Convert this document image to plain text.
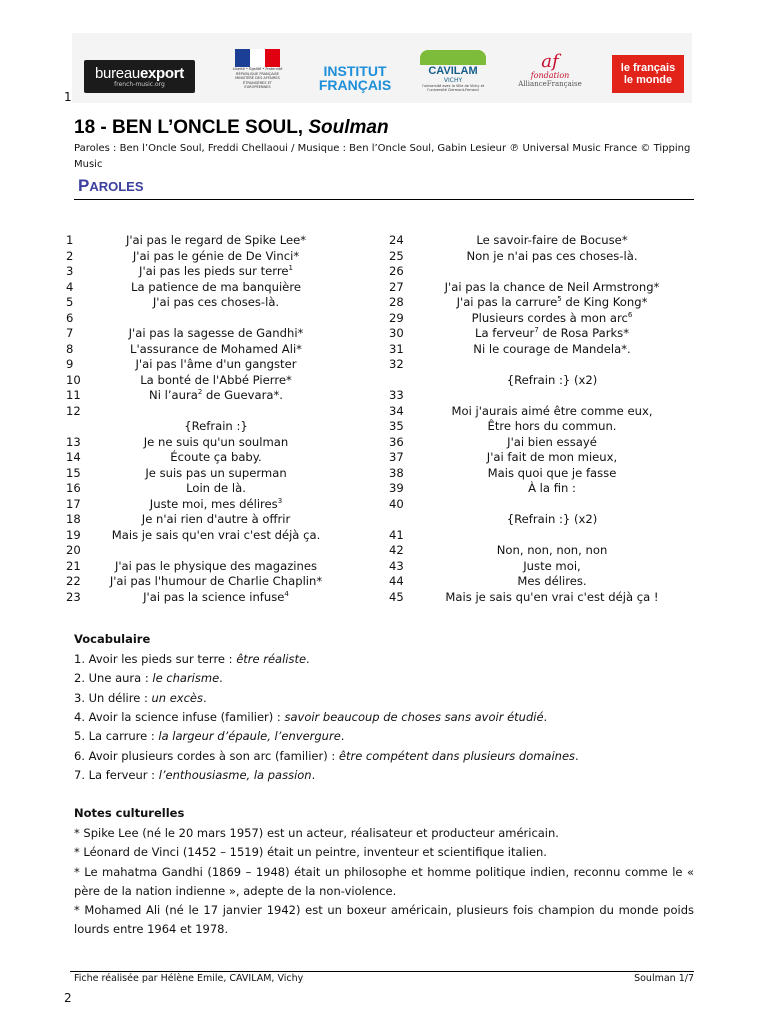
1
bureauexport
french-music.org
Liberté • Égalité • Fraternité
RÉPUBLIQUE FRANÇAISE
MINISTÈRE DES AFFAIRES ÉTRANGÈRES ET EUROPÉENNES
INSTITUT
FRANÇAIS
CAVILAM
VICHY
l'université avec la Ville de Vichy et l'université Clermont-Ferrand
af
fondation
AllianceFrançaise
le français
le monde
18 - BEN L’ONCLE SOUL, Soulman
Paroles : Ben l’Oncle Soul, Freddi Chellaoui / Musique : Ben l’Oncle Soul, Gabin Lesieur ℗ Universal Music France © Tipping Music
PAROLES
1	J'ai pas le regard de Spike Lee*
2	J'ai pas le génie de De Vinci*
3	J'ai pas les pieds sur terre$^1$
4	La patience de ma banquière
5	J'ai pas ces choses-là.
6
7	J'ai pas la sagesse de Gandhi*
8	L'assurance de Mohamed Ali*
9	J'ai pas l'âme d'un gangster
10	La bonté de l'Abbé Pierre*
11	Ni l’aura$^2$ de Guevara*.
12
{Refrain :}
13	Je ne suis qu'un soulman
14	Écoute ça baby.
15	Je suis pas un superman
16	Loin de là.
17	Juste moi, mes délires$^3$
18	Je n'ai rien d'autre à offrir
19	Mais je sais qu'en vrai c'est déjà ça.
20
21	J'ai pas le physique des magazines
22	J'ai pas l'humour de Charlie Chaplin*
23	J'ai pas la science infuse$^4$
24	Le savoir-faire de Bocuse*
25	Non je n'ai pas ces choses-là.
26
27	J'ai pas la chance de Neil Armstrong*
28	J'ai pas la carrure$^5$ de King Kong*
29	Plusieurs cordes à mon arc$^6$
30	La ferveur$^7$ de Rosa Parks*
31	Ni le courage de Mandela*.
32
{Refrain :} (x2)
33
34	Moi j'aurais aimé être comme eux,
35	Être hors du commun.
36	J'ai bien essayé
37	J'ai fait de mon mieux,
38	Mais quoi que je fasse
39	À la fin :
40
{Refrain :} (x2)
41
42	Non, non, non, non
43	Juste moi,
44	Mes délires.
45	Mais je sais qu'en vrai c'est déjà ça !
Vocabulaire
1. Avoir les pieds sur terre : être réaliste.
2. Une aura : le charisme.
3. Un délire : un excès.
4. Avoir la science infuse (familier) : savoir beaucoup de choses sans avoir étudié.
5. La carrure : la largeur d’épaule, l’envergure.
6. Avoir plusieurs cordes à son arc (familier) : être compétent dans plusieurs domaines.
7. La ferveur : l’enthousiasme, la passion.
Notes culturelles

* Spike Lee (né le 20 mars 1957) est un acteur, réalisateur et producteur américain.

* Léonard de Vinci (1452 – 1519) était un peintre, inventeur et scientifique italien.

* Le mahatma Gandhi (1869 – 1948) était un philosophe et homme politique indien, reconnu comme le « père de la nation indienne », adepte de la non-violence.

* Mohamed Ali (né le 17 janvier 1942) est un boxeur américain, plusieurs fois champion du monde poids lourds entre 1964 et 1978.

Fiche réalisée par Hélène Emile, CAVILAM, Vichy	Soulman 1/7
2
